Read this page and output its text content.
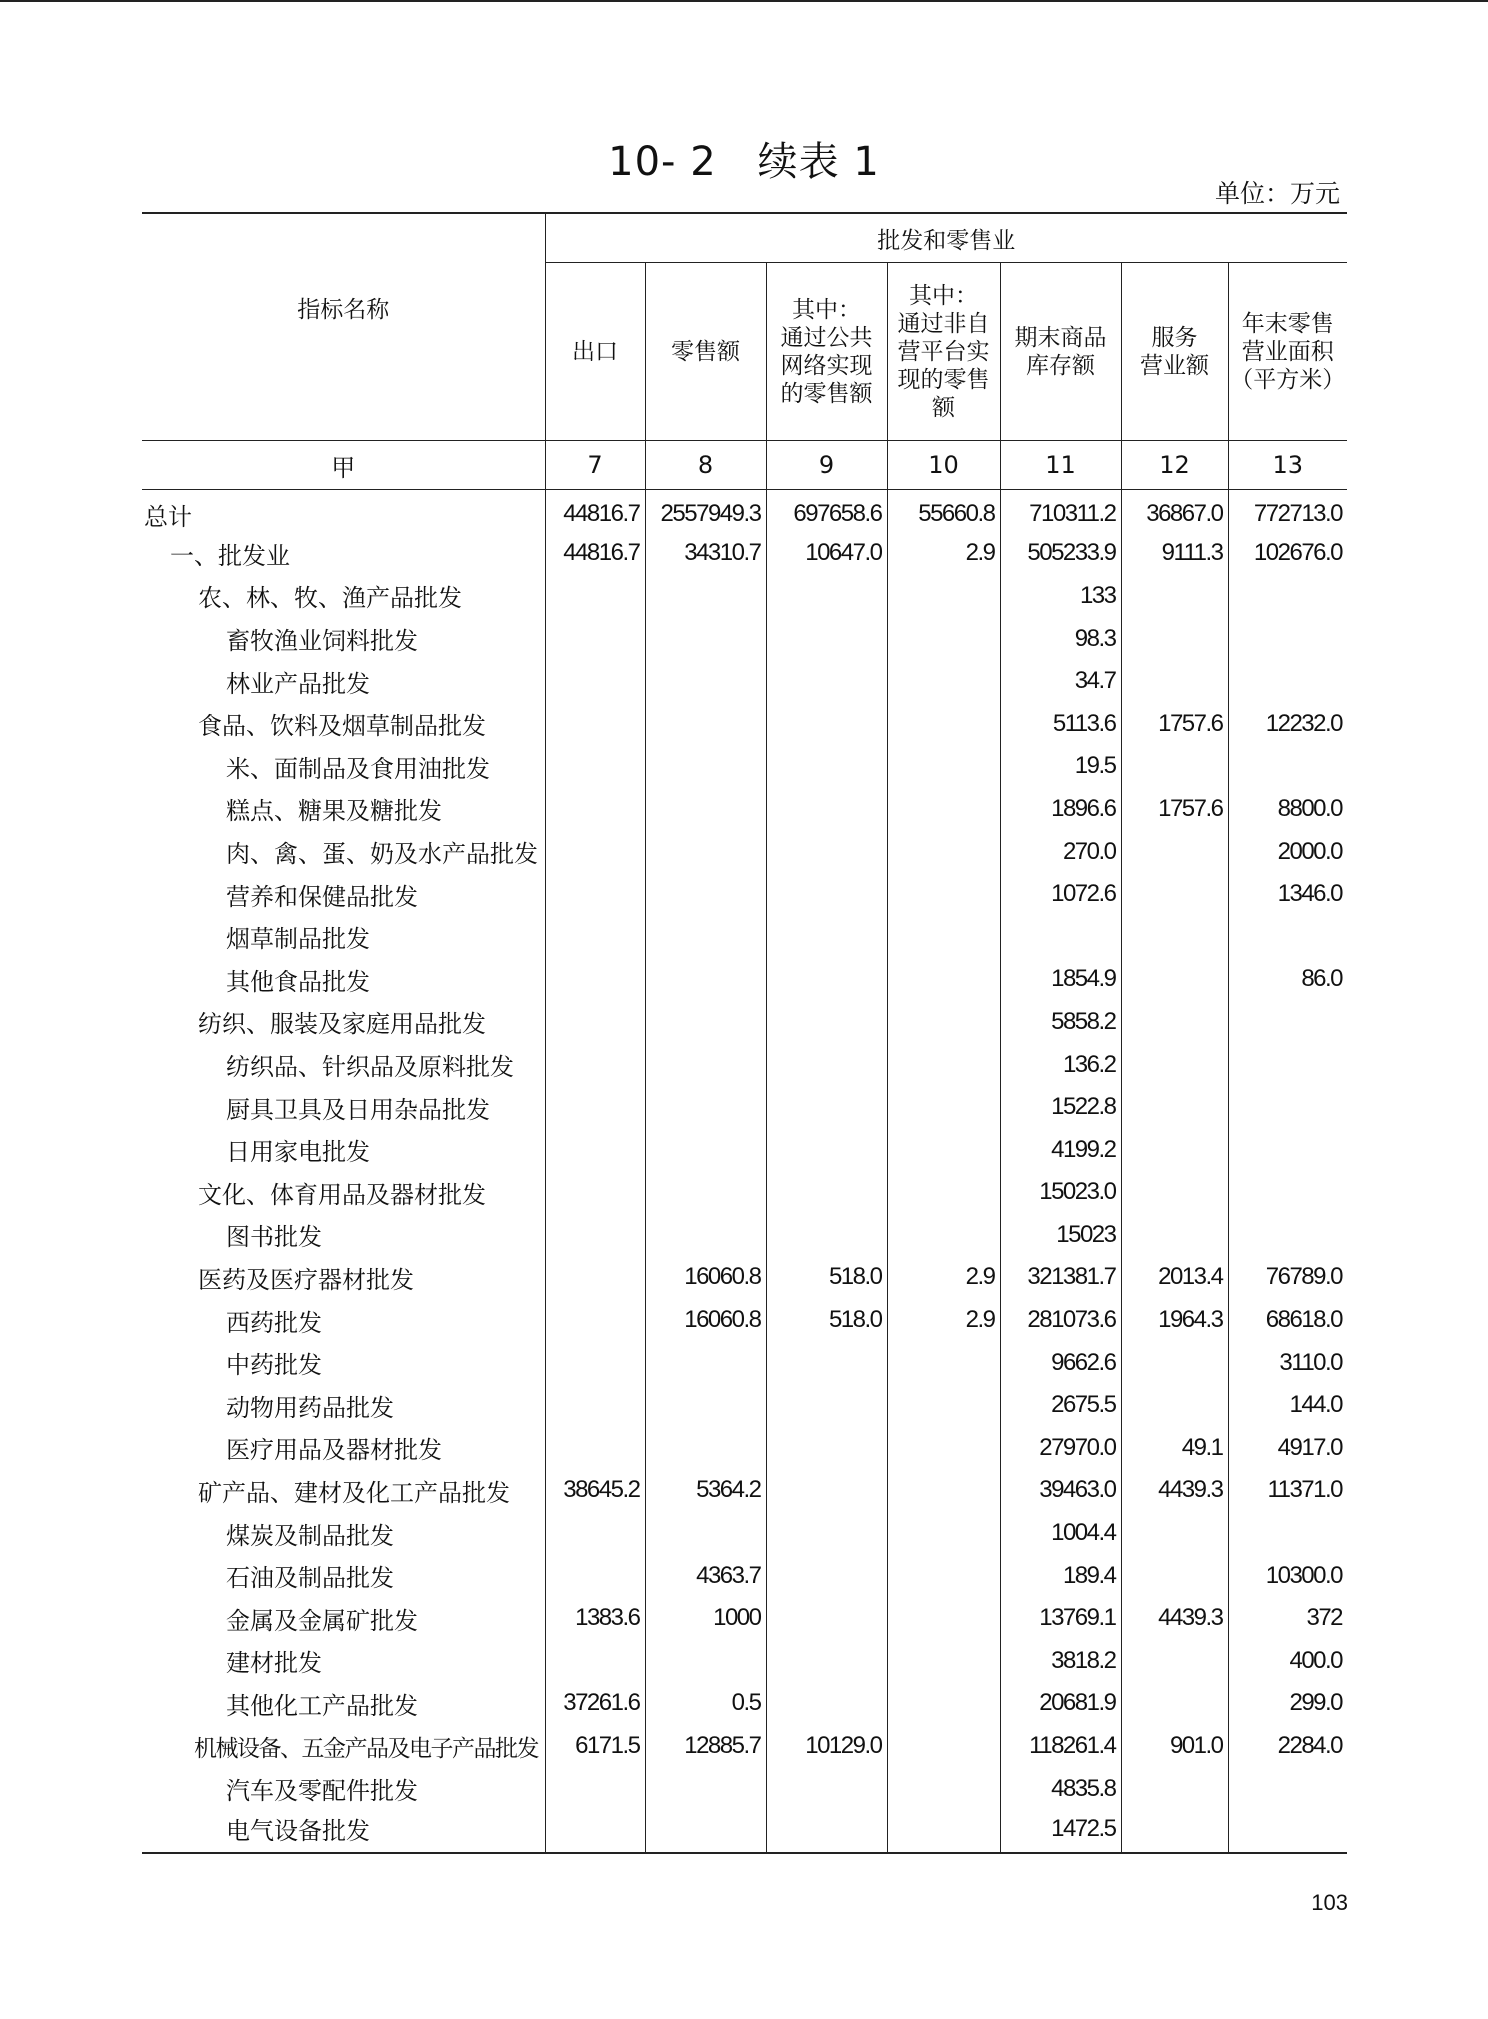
10- 2　续表 1
单位：万元
指标名称	批发和零售业						
	出口	零售额	其中：
通过公共
网络实现
的零售额	其中：
通过非自
营平台实
现的零售
额	期末商品
库存额	服务
营业额	年末零售
营业面积
（平方米）
甲	7	8	9	10	11	12	13
总计	44816.7	2557949.3	697658.6	55660.8	710311.2	36867.0	772713.0
一、批发业	44816.7	34310.7	10647.0	2.9	505233.9	9111.3	102676.0
农、林、牧、渔产品批发					133		
畜牧渔业饲料批发					98.3		
林业产品批发					34.7		
食品、饮料及烟草制品批发					5113.6	1757.6	12232.0
米、面制品及食用油批发					19.5		
糕点、糖果及糖批发					1896.6	1757.6	8800.0
肉、禽、蛋、奶及水产品批发					270.0		2000.0
营养和保健品批发					1072.6		1346.0
烟草制品批发							
其他食品批发					1854.9		86.0
纺织、服装及家庭用品批发					5858.2		
纺织品、针织品及原料批发					136.2		
厨具卫具及日用杂品批发					1522.8		
日用家电批发					4199.2		
文化、体育用品及器材批发					15023.0		
图书批发					15023		
医药及医疗器材批发		16060.8	518.0	2.9	321381.7	2013.4	76789.0
西药批发		16060.8	518.0	2.9	281073.6	1964.3	68618.0
中药批发					9662.6		3110.0
动物用药品批发					2675.5		144.0
医疗用品及器材批发					27970.0	49.1	4917.0
矿产品、建材及化工产品批发	38645.2	5364.2			39463.0	4439.3	11371.0
煤炭及制品批发					1004.4		
石油及制品批发		4363.7			189.4		10300.0
金属及金属矿批发	1383.6	1000			13769.1	4439.3	372
建材批发					3818.2		400.0
其他化工产品批发	37261.6	0.5			20681.9		299.0
机械设备、五金产品及电子产品批发	6171.5	12885.7	10129.0		118261.4	901.0	2284.0
汽车及零配件批发					4835.8		
电气设备批发					1472.5		
103
